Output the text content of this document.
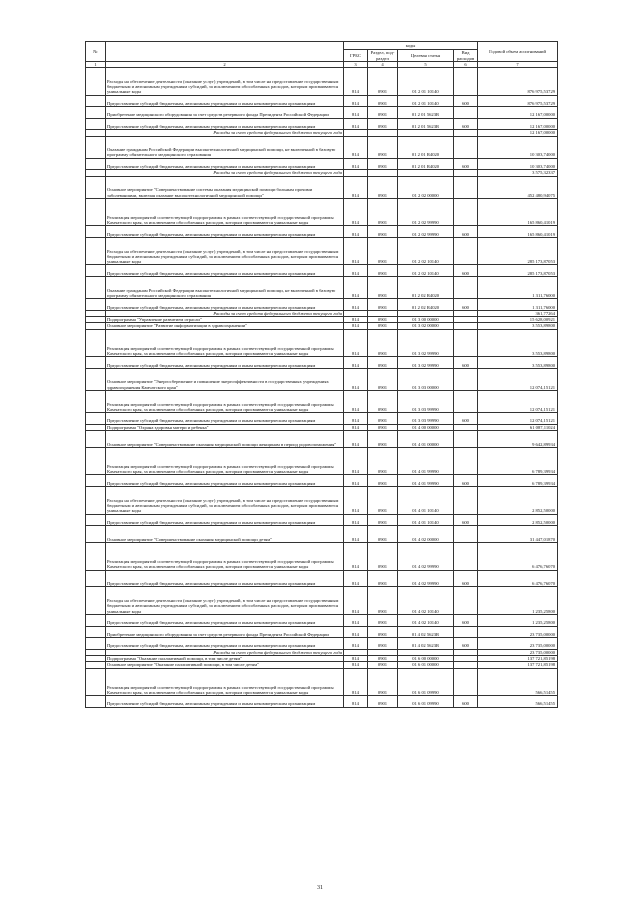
№		коды				Годовой объем ассигнований
		ГРБС	Раздел, под-раздел	Целевая статья	Вид расходов	
1	2	3	4	5	6	7
	Расходы на обеспечение деятельности (оказание услуг) учреждений, в том числе на предоставление государственным бюджетным и автономным учреждениям субсидий, за исключением обособленных расходов, которым присваиваются уникальные коды	814	0901	01 2 01 10140		876 975,53729
	Предоставление субсидий бюджетным, автономным учреждениям и иным некоммерческим организациям	814	0901	01 2 01 10140	600	876 975,53729
	Приобретение медицинского оборудования за счет средств резервного фонда Президента Российской Федерации	814	0901	01 2 01 5623R		12 167,00000
	Предоставление субсидий бюджетным, автономным учреждениям и иным некоммерческим организациям	814	0901	01 2 01 5623R	600	12 167,00000
	Расходы за счет средств федерального бюджета текущего года					12 167,00000
	Оказание гражданам Российской Федерации высокотехнологичной медицинской помощи, не включенной в базовую программу обязательного медицинского страхования	814	0901	01 2 01 R4020		10 303,74000
	Предоставление субсидий бюджетным, автономным учреждениям и иным некоммерческим организациям	814	0901	01 2 01 R4020	600	10 303,74000
	Расходы за счет средств федерального бюджета текущего года					3 575,32337
	Основное мероприятие "Совершенствование системы оказания медицинской помощи больным прочими заболеваниями, включая оказание высокотехнологичной медицинской помощи"	814	0901	01 2 02 00000		452 480,94075
	Реализация мероприятий соответствующей подпрограммы в рамках соответствующей государственной программы Камчатского края, за исключением обособленных расходов, которым присваиваются уникальные коды	814	0901	01 2 02 99990		165 860,41019
	Предоставление субсидий бюджетным, автономным учреждениям и иным некоммерческим организациям	814	0901	01 2 02 99990	600	165 860,41019
	Расходы на обеспечение деятельности (оказание услуг) учреждений, в том числе на предоставление государственным бюджетным и автономным учреждениям субсидий, за исключением обособленных расходов, которым присваиваются уникальные коды	814	0901	01 2 02 10140		285 173,87053
	Предоставление субсидий бюджетным, автономным учреждениям и иным некоммерческим организациям	814	0901	01 2 02 10140	600	285 173,87053
	Оказание гражданам Российской Федерации высокотехнологичной медицинской помощи, не включенной в базовую программу обязательного медицинского страхования	814	0901	01 2 02 R4020		1 311,76000
	Предоставление субсидий бюджетным, автономным учреждениям и иным некоммерческим организациям	814	0901	01 2 02 R4020	600	1 311,76000
	Расходы за счет средств федерального бюджета текущего года					361,77264
	Подпрограмма "Управление развитием отрасли"	814	0901	01 3 00 00000		15 628,00921
	Основное мероприятие "Развитие информатизации в здравоохранении"	814	0901	01 3 02 00000		3 553,89800
	Реализация мероприятий соответствующей подпрограммы в рамках соответствующей государственной программы Камчатского края, за исключением обособленных расходов, которым присваиваются уникальные коды	814	0901	01 3 02 99990		3 553,89800
	Предоставление субсидий бюджетным, автономным учреждениям и иным некоммерческим организациям	814	0901	01 3 02 99990	600	3 553,89800
	Основное мероприятие "Энергосбережение и повышение энергоэффективности в государственных учреждениях здравоохранения Камчатского края"	814	0901	01 3 03 00000		12 074,15121
	Реализация мероприятий соответствующей подпрограммы в рамках соответствующей государственной программы Камчатского края, за исключением обособленных расходов, которым присваиваются уникальные коды	814	0901	01 3 03 99990		12 074,15121
	Предоставление субсидий бюджетным, автономным учреждениям и иным некоммерческим организациям	814	0901	01 3 03 99990	600	12 074,15121
	Подпрограмма "Охрана здоровья матери и ребенка"	814	0901	01 4 00 00000		61 087,11024
	Основное мероприятие "Совершенствование оказания медицинской помощи женщинам в период родовспоможения"	814	0901	01 4 01 00000		9 642,89934
	Реализация мероприятий соответствующей подпрограммы в рамках соответствующей государственной программы Камчатского края, за исключением обособленных расходов, которым присваиваются уникальные коды	814	0901	01 4 01 99990		6 789,39934
	Предоставление субсидий бюджетным, автономным учреждениям и иным некоммерческим организациям	814	0901	01 4 01 99990	600	6 789,39934
	Расходы на обеспечение деятельности (оказание услуг) учреждений, в том числе на предоставление государственным бюджетным и автономным учреждениям субсидий, за исключением обособленных расходов, которым присваиваются уникальные коды	814	0901	01 4 01 10140		2 852,50000
	Предоставление субсидий бюджетным, автономным учреждениям и иным некоммерческим организациям	814	0901	01 4 01 10140	600	2 852,50000
	Основное мероприятие "Совершенствование оказания медицинской помощи детям"	814	0901	01 4 02 00000		31 447,01870
	Реализация мероприятий соответствующей подпрограммы в рамках соответствующей государственной программы Камчатского края, за исключением обособленных расходов, которым присваиваются уникальные коды	814	0901	01 4 02 99990		6 476,76070
	Предоставление субсидий бюджетным, автономным учреждениям и иным некоммерческим организациям	814	0901	01 4 02 99990	600	6 476,76070
	Расходы на обеспечение деятельности (оказание услуг) учреждений, в том числе на предоставление государственным бюджетным и автономным учреждениям субсидий, за исключением обособленных расходов, которым присваиваются уникальные коды	814	0901	01 4 02 10140		1 235,25800
	Предоставление субсидий бюджетным, автономным учреждениям и иным некоммерческим организациям	814	0901	01 4 02 10140	600	1 235,25800
	Приобретение медицинского оборудования за счет средств резервного фонда Президента Российской Федерации	814	0901	01 4 02 5623R		23 735,00000
	Предоставление субсидий бюджетным, автономным учреждениям и иным некоммерческим организациям	814	0901	01 4 02 5623R	600	23 735,00000
	Расходы за счет средств федерального бюджета текущего года					23 735,00000
	Подпрограмма "Оказание паллиативной помощи, в том числе детям"	814	0901	01 6 00 00000		137 721,85198
	Основное мероприятие "Оказание паллиативной помощи, в том числе детям"	814	0901	01 6 01 00000		137 721,85198
	Реализация мероприятий соответствующей подпрограммы в рамках соответствующей государственной программы Камчатского края, за исключением обособленных расходов, которым присваиваются уникальные коды	814	0901	01 6 01 09990		566,51455
	Предоставление субсидий бюджетным, автономным учреждениям и иным некоммерческим организациям	814	0901	01 6 01 09990	600	566,51455
31
